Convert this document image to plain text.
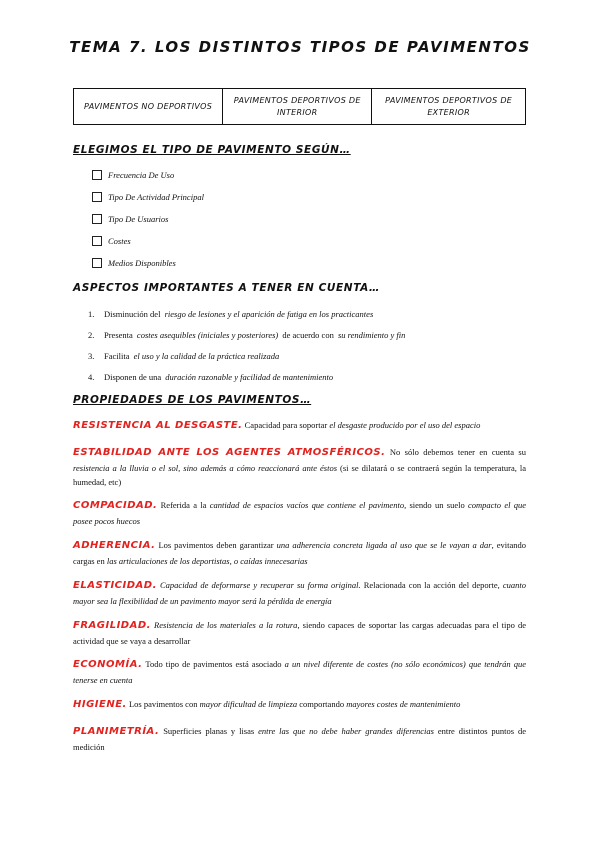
TEMA 7. LOS DISTINTOS TIPOS DE PAVIMENTOS
PAVIMENTOS NO DEPORTIVOS	PAVIMENTOS DEPORTIVOS DE INTERIOR	PAVIMENTOS DEPORTIVOS DE EXTERIOR
ELEGIMOS EL TIPO DE PAVIMENTO SEGÚN…
Frecuencia De Uso
Tipo De Actividad Principal
Tipo De Usuarios
Costes
Medios Disponibles
ASPECTOS IMPORTANTES A TENER EN CUENTA…
1.	Disminución del
riesgo de lesiones y el aparición de fatiga en los practicantes
2.	Presenta
costes asequibles (iniciales y posteriores)
de acuerdo con
su rendimiento y fin
3.	Facilita
el uso y la calidad de la práctica realizada
4.	Disponen de una
duración razonable y facilidad de mantenimiento
PROPIEDADES DE LOS PAVIMENTOS…
RESISTENCIA AL DESGASTE. Capacidad para soportar el desgaste producido por el uso del espacio
ESTABILIDAD ANTE LOS AGENTES ATMOSFÉRICOS. No sólo debemos tener en cuenta su resistencia a la lluvia o el sol, sino además a cómo reaccionará ante éstos (si se dilatará o se contraerá según la temperatura, la humedad, etc)
COMPACIDAD. Referida a la cantidad de espacios vacíos que contiene el pavimento, siendo un suelo compacto el que posee pocos huecos
ADHERENCIA. Los pavimentos deben garantizar una adherencia concreta ligada al uso que se le vayan a dar, evitando cargas en las articulaciones de los deportistas, o caídas innecesarias
ELASTICIDAD. Capacidad de deformarse y recuperar su forma original. Relacionada con la acción del deporte, cuanto mayor sea la flexibilidad de un pavimento mayor será la pérdida de energía
FRAGILIDAD. Resistencia de los materiales a la rotura, siendo capaces de soportar las cargas adecuadas para el tipo de actividad que se vaya a desarrollar
ECONOMÍA. Todo tipo de pavimentos está asociado a un nivel diferente de costes (no sólo económicos) que tendrán que tenerse en cuenta
HIGIENE. Los pavimentos con mayor dificultad de limpieza comportando mayores costes de mantenimiento
PLANIMETRÍA. Superficies planas y lisas entre las que no debe haber grandes diferencias entre distintos puntos de medición
